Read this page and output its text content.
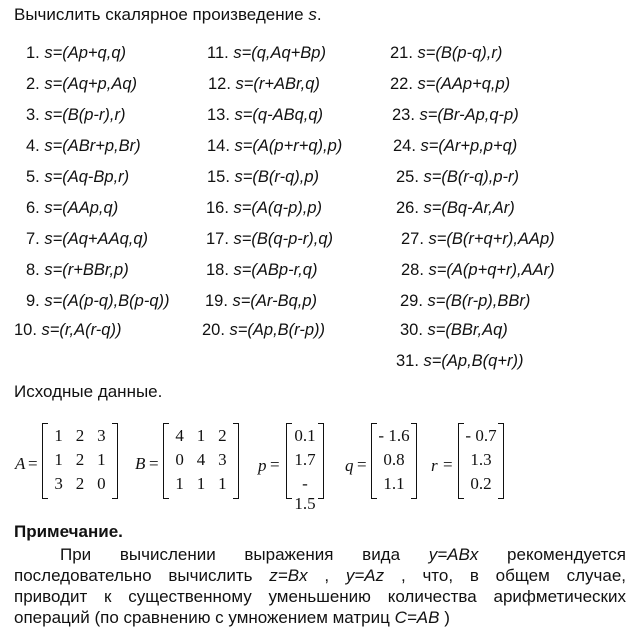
Вычислить скалярное произведение s.
1. s=(Ap+q,q)
2. s=(Aq+p,Aq)
3. s=(B(p-r),r)
4. s=(ABr+p,Br)
5. s=(Aq-Bp,r)
6. s=(AAp,q)
7. s=(Aq+AAq,q)
8. s=(r+BBr,p)
9. s=(A(p-q),B(p-q))
10. s=(r,A(r-q))
11. s=(q,Aq+Bp)
12. s=(r+ABr,q)
13. s=(q-ABq,q)
14. s=(A(p+r+q),p)
15. s=(B(r-q),p)
16. s=(A(q-p),p)
17. s=(B(q-p-r),q)
18. s=(ABp-r,q)
19. s=(Ar-Bq,p)
20. s=(Ap,B(r-p))
21. s=(B(p-q),r)
22. s=(AAp+q,p)
23. s=(Br-Ap,q-p)
24. s=(Ar+p,p+q)
25. s=(B(r-q),p-r)
26. s=(Bq-Ar,Ar)
27. s=(B(r+q+r),AAp)
28. s=(A(p+q+r),AAr)
29. s=(B(r-p),BBr)
30. s=(BBr,Aq)
31. s=(Ap,B(q+r))
Исходные данные.
A =
1 2 3
1 2 1
3 2 0
B =
4 1 2
0 4 3
1 1 1
p =
0.1
1.7
- 1.5
q =
- 1.6
0.8
1.1
r =
- 0.7
1.3
0.2
Примечание.
При вычислении выражения вида y=ABx рекомендуется
последовательно вычислить z=Bx , y=Az , что, в общем случае,
приводит к существенному уменьшению количества арифметических
операций (по сравнению с умножением матриц C=AB )
